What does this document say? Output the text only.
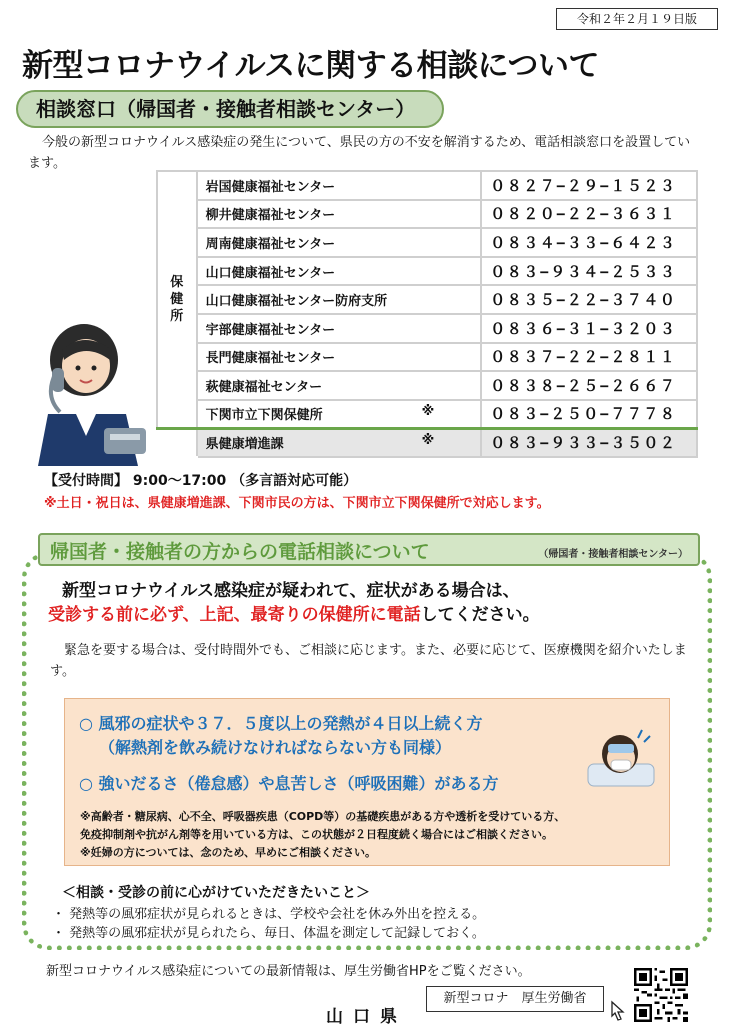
令和２年２月１９日版
新型コロナウイルスに関する相談について
相談窓口（帰国者・接触者相談センター）

今般の新型コロナウイルス感染症の発生について、県民の方の不安を解消するため、電話相談窓口を設置しています。

保健所	岩国健康福祉センター	０８２７−２９−１５２３
	柳井健康福祉センター	０８２０−２２−３６３１
	周南健康福祉センター	０８３４−３３−６４２３
	山口健康福祉センター	０８３−９３４−２５３３
	山口健康福祉センター防府支所	０８３５−２２−３７４０
	宇部健康福祉センター	０８３６−３１−３２０３
	長門健康福祉センター	０８３７−２２−２８１１
	萩健康福祉センター	０８３８−２５−２６６７
	下関市立下関保健所 ※	０８３−２５０−７７７８
	県健康増進課 ※	０８３−９３３−３５０２
【受付時間】 9:00～17:00 （多言語対応可能）
※土日・祝日は、県健康増進課、下関市民の方は、下関市立下関保健所で対応します。
帰国者・接触者の方からの電話相談について	（帰国者・接触者相談センター）
新型コロナウイルス感染症が疑われて、症状がある場合は、
受診する前に必ず、上記、最寄りの保健所に電話してください。

緊急を要する場合は、受付時間外でも、ご相談に応じます。また、必要に応じて、医療機関を紹介いたします。

○ 風邪の症状や３７．５度以上の発熱が４日以上続く方
（解熱剤を飲み続けなければならない方も同様）
○ 強いだるさ（倦怠感）や息苦しさ（呼吸困難）がある方
※高齢者・糖尿病、心不全、呼吸器疾患（COPD等）の基礎疾患がある方や透析を受けている方、
免疫抑制剤や抗がん剤等を用いている方は、この状態が２日程度続く場合にはご相談ください。
※妊婦の方については、念のため、早めにご相談ください。
＜相談・受診の前に心がけていただきたいこと＞
・ 発熱等の風邪症状が見られるときは、学校や会社を休み外出を控える。
・ 発熱等の風邪症状が見られたら、毎日、体温を測定して記録しておく。
新型コロナウイルス感染症についての最新情報は、厚生労働省HPをご覧ください。
新型コロナ　厚生労働省
山口県
